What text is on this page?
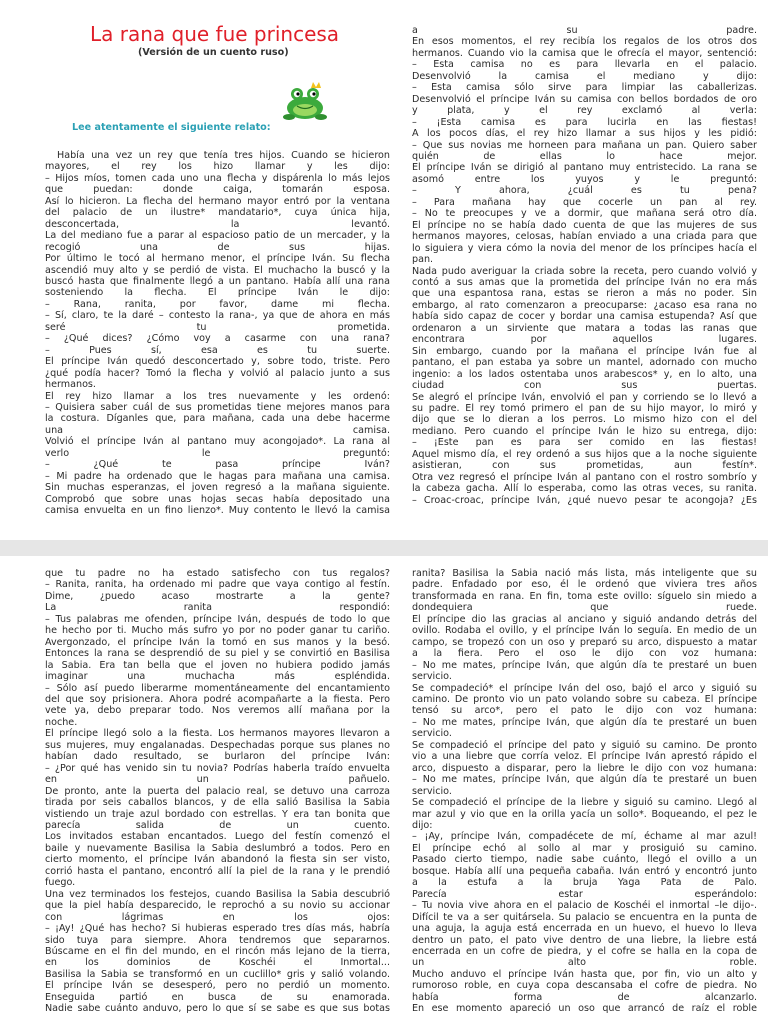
La rana que fue princesa
(Versión de un cuento ruso)
Lee atentamente el siguiente relato:

Había una vez un rey que tenía tres hijos. Cuando se hicieron

mayores, el rey los hizo llamar y les dijo:

– Hijos míos, tomen cada uno una flecha y dispárenla lo más lejos

que puedan: donde caiga, tomarán esposa.

Así lo hicieron. La flecha del hermano mayor entró por la ventana

del palacio de un ilustre* mandatario*, cuya única hija,

desconcertada, la levantó.

La del mediano fue a parar al espacioso patio de un mercader, y la

recogió una de sus hijas.

Por último le tocó al hermano menor, el príncipe Iván. Su flecha

ascendió muy alto y se perdió de vista. El muchacho la buscó y la

buscó hasta que finalmente llegó a un pantano. Había allí una rana

sosteniendo la flecha. El príncipe Iván le dijo:

– Rana, ranita, por favor, dame mi flecha.

– Sí, claro, te la daré – contesto la rana-, ya que de ahora en más

seré tu prometida.

– ¿Qué dices? ¿Cómo voy a casarme con una rana?

– Pues sí, esa es tu suerte.

El príncipe Iván quedó desconcertado y, sobre todo, triste. Pero

¿qué podía hacer? Tomó la flecha y volvió al palacio junto a sus

hermanos.

El rey hizo llamar a los tres nuevamente y les ordenó:

– Quisiera saber cuál de sus prometidas tiene mejores manos para

la costura. Díganles que, para mañana, cada una debe hacerme

una camisa.

Volvió el príncipe Iván al pantano muy acongojado*. La rana al

verlo le preguntó:

– ¿Qué te pasa príncipe Iván?

– Mi padre ha ordenado que le hagas para mañana una camisa.

Sin muchas esperanzas, el joven regresó a la mañana siguiente.

Comprobó que sobre unas hojas secas había depositado una

camisa envuelta en un fino lienzo*. Muy contento le llevó la camisa

a su padre.

En esos momentos, el rey recibía los regalos de los otros dos

hermanos. Cuando vio la camisa que le ofrecía el mayor, sentenció:

– Esta camisa no es para llevarla en el palacio.

Desenvolvió la camisa el mediano y dijo:

– Esta camisa sólo sirve para limpiar las caballerizas.

Desenvolvió el príncipe Iván su camisa con bellos bordados de oro

y plata, y el rey exclamó al verla:

– ¡Esta camisa es para lucirla en las fiestas!

A los pocos días, el rey hizo llamar a sus hijos y les pidió:

– Que sus novias me horneen para mañana un pan. Quiero saber

quién de ellas lo hace mejor.

El príncipe Iván se dirigió al pantano muy entristecido. La rana se

asomó entre los yuyos y le preguntó:

– Y ahora, ¿cuál es tu pena?

– Para mañana hay que cocerle un pan al rey.

– No te preocupes y ve a dormir, que mañana será otro día.

El príncipe no se había dado cuenta de que las mujeres de sus

hermanos mayores, celosas, habían enviado a una criada para que

lo siguiera y viera cómo la novia del menor de los príncipes hacía el

pan.

Nada pudo averiguar la criada sobre la receta, pero cuando volvió y

contó a sus amas que la prometida del príncipe Iván no era más

que una espantosa rana, estas se rieron a más no poder. Sin

embargo, al rato comenzaron a preocuparse: ¿acaso esa rana no

había sido capaz de cocer y bordar una camisa estupenda? Así que

ordenaron a un sirviente que matara a todas las ranas que

encontrara por aquellos lugares.

Sin embargo, cuando por la mañana el príncipe Iván fue al

pantano, el pan estaba ya sobre un mantel, adornado con mucho

ingenio: a los lados ostentaba unos arabescos* y, en lo alto, una

ciudad con sus puertas.

Se alegró el príncipe Iván, envolvió el pan y corriendo se lo llevó a

su padre. El rey tomó primero el pan de su hijo mayor, lo miró y

dijo que se lo dieran a los perros. Lo mismo hizo con el del

mediano. Pero cuando el príncipe Iván le hizo su entrega, dijo:

– ¡Este pan es para ser comido en las fiestas!

Aquel mismo día, el rey ordenó a sus hijos que a la noche siguiente

asistieran, con sus prometidas, aun festín*.

Otra vez regresó el príncipe Iván al pantano con el rostro sombrío y

la cabeza gacha. Allí lo esperaba, como las otras veces, su ranita.

– Croac-croac, príncipe Iván, ¿qué nuevo pesar te acongoja? ¿Es

que tu padre no ha estado satisfecho con tus regalos?

– Ranita, ranita, ha ordenado mi padre que vaya contigo al festín.

Dime, ¿puedo acaso mostrarte a la gente?

La ranita respondió:

– Tus palabras me ofenden, príncipe Iván, después de todo lo que

he hecho por ti. Mucho más sufro yo por no poder ganar tu cariño.

Avergonzado, el príncipe Iván la tomó en sus manos y la besó.

Entonces la rana se desprendió de su piel y se convirtió en Basilisa

la Sabia. Era tan bella que el joven no hubiera podido jamás

imaginar una muchacha más espléndida.

– Sólo así puedo liberarme momentáneamente del encantamiento

del que soy prisionera. Ahora podré acompañarte a la fiesta. Pero

vete ya, debo preparar todo. Nos veremos allí mañana por la

noche.

El príncipe llegó solo a la fiesta. Los hermanos mayores llevaron a

sus mujeres, muy engalanadas. Despechadas porque sus planes no

habían dado resultado, se burlaron del príncipe Iván:

– ¿Por qué has venido sin tu novia? Podrías haberla traído envuelta

en un pañuelo.

De pronto, ante la puerta del palacio real, se detuvo una carroza

tirada por seis caballos blancos, y de ella salió Basilisa la Sabia

vistiendo un traje azul bordado con estrellas. Y era tan bonita que

parecía salida de un cuento.

Los invitados estaban encantados. Luego del festín comenzó el

baile y nuevamente Basilisa la Sabia deslumbró a todos. Pero en

cierto momento, el príncipe Iván abandonó la fiesta sin ser visto,

corrió hasta el pantano, encontró allí la piel de la rana y le prendió

fuego.

Una vez terminados los festejos, cuando Basilisa la Sabia descubrió

que la piel había desparecido, le reprochó a su novio su accionar

con lágrimas en los ojos:

– ¡Ay! ¿Qué has hecho? Si hubieras esperado tres días más, habría

sido tuya para siempre. Ahora tendremos que separarnos.

Búscame en el fin del mundo, en el rincón más lejano de la tierra,

en los dominios de Koschéi el Inmortal...

Basilisa la Sabia se transformó en un cuclillo* gris y salió volando.

El príncipe Iván se desesperó, pero no perdió un momento.

Enseguida partió en busca de su enamorada.

Nadie sabe cuánto anduvo, pero lo que sí se sabe es que sus botas

ranita? Basilisa la Sabia nació más lista, más inteligente que su

padre. Enfadado por eso, él le ordenó que viviera tres años

transformada en rana. En fin, toma este ovillo: síguelo sin miedo a

dondequiera que ruede.

El príncipe dio las gracias al anciano y siguió andando detrás del

ovillo. Rodaba el ovillo, y el príncipe Iván lo seguía. En medio de un

campo, se tropezó con un oso y preparó su arco, dispuesto a matar

a la fiera. Pero el oso le dijo con voz humana:

– No me mates, príncipe Iván, que algún día te prestaré un buen

servicio.

Se compadeció* el príncipe Iván del oso, bajó el arco y siguió su

camino. De pronto vio un pato volando sobre su cabeza. El príncipe

tensó su arco*, pero el pato le dijo con voz humana:

– No me mates, príncipe Iván, que algún día te prestaré un buen

servicio.

Se compadeció el príncipe del pato y siguió su camino. De pronto

vio a una liebre que corría veloz. El príncipe Iván aprestó rápido el

arco, dispuesto a disparar, pero la liebre le dijo con voz humana:

– No me mates, príncipe Iván, que algún día te prestaré un buen

servicio.

Se compadeció el príncipe de la liebre y siguió su camino. Llegó al

mar azul y vio que en la orilla yacía un sollo*. Boqueando, el pez le

dijo:

– ¡Ay, príncipe Iván, compadécete de mí, échame al mar azul!

El príncipe echó al sollo al mar y prosiguió su camino.

Pasado cierto tiempo, nadie sabe cuánto, llegó el ovillo a un

bosque. Había allí una pequeña cabaña. Iván entró y encontró junto

a la estufa a la bruja Yaga Pata de Palo.

Parecía estar esperándolo:

– Tu novia vive ahora en el palacio de Koschéi el inmortal –le dijo-.

Difícil te va a ser quitársela. Su palacio se encuentra en la punta de

una aguja, la aguja está encerrada en un huevo, el huevo lo lleva

dentro un pato, el pato vive dentro de una liebre, la liebre está

encerrada en un cofre de piedra, y el cofre se halla en la copa de

un alto roble.

Mucho anduvo el príncipe Iván hasta que, por fin, vio un alto y

rumoroso roble, en cuya copa descansaba el cofre de piedra. No

había forma de alcanzarlo.

En ese momento apareció un oso que arrancó de raíz el roble
